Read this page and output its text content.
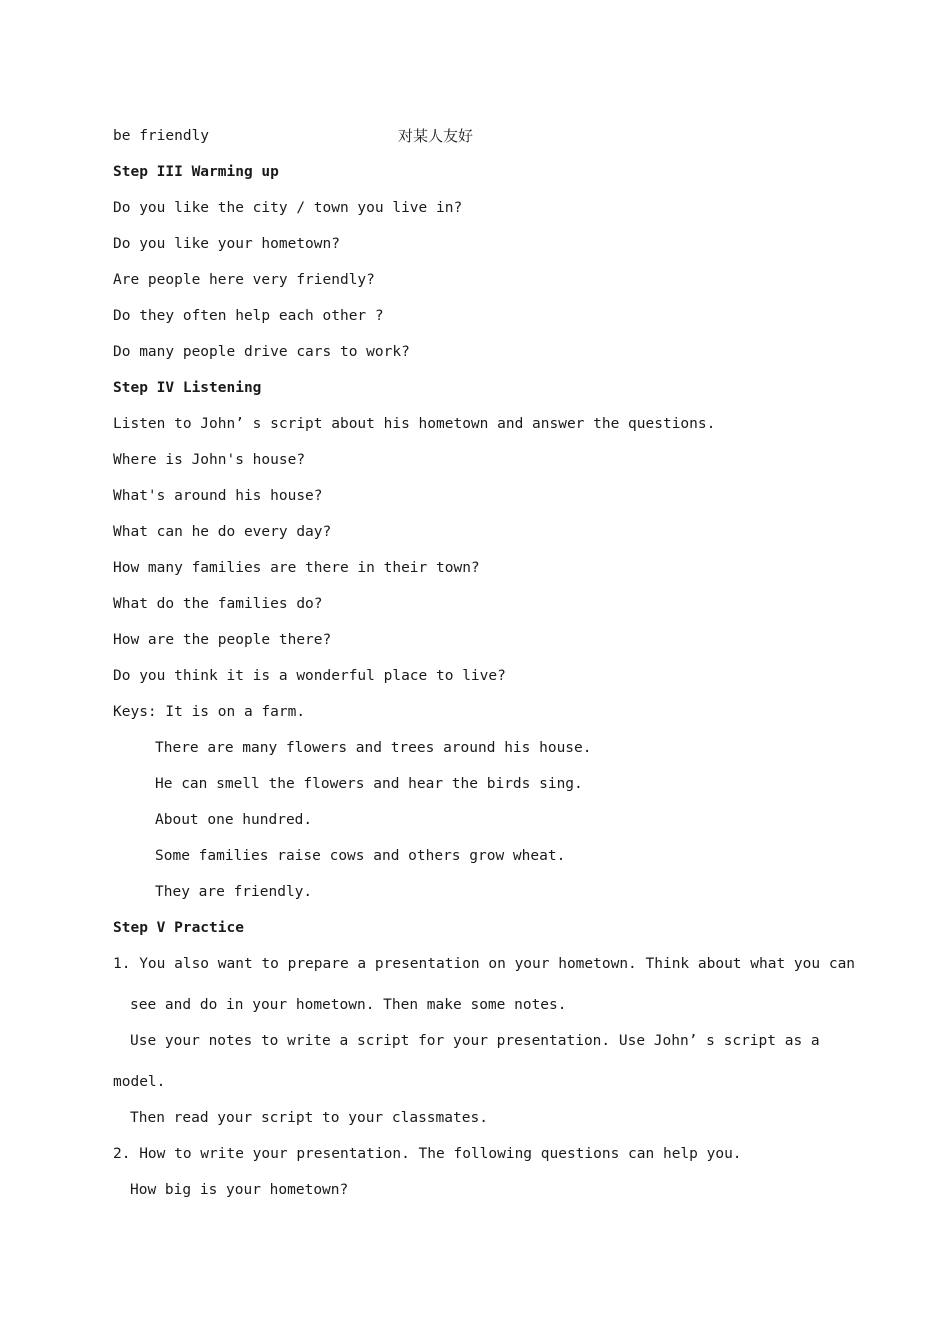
be friendly	对某人友好
Step III Warming up
Do you like the city / town you live in?
Do you like your hometown?
Are people here very friendly?
Do they often help each other ?
Do many people drive cars to work?
Step IV Listening
Listen to John’ s script about his hometown and answer the questions.
Where is John's house?
What's around his house?
What can he do every day?
How many families are there in their town?
What do the families do?
How are the people there?
Do you think it is a wonderful place to live?
Keys: It is on a farm.
There are many flowers and trees around his house.
He can smell the flowers and hear the birds sing.
About one hundred.
Some families raise cows and others grow wheat.
They are friendly.
Step V Practice
1. You also want to prepare a presentation on your hometown. Think about what you can
see and do in your hometown. Then make some notes.
Use your notes to write a script for your presentation. Use John’ s script as a
model.
Then read your script to your classmates.
2. How to write your presentation. The following questions can help you.
How big is your hometown?
